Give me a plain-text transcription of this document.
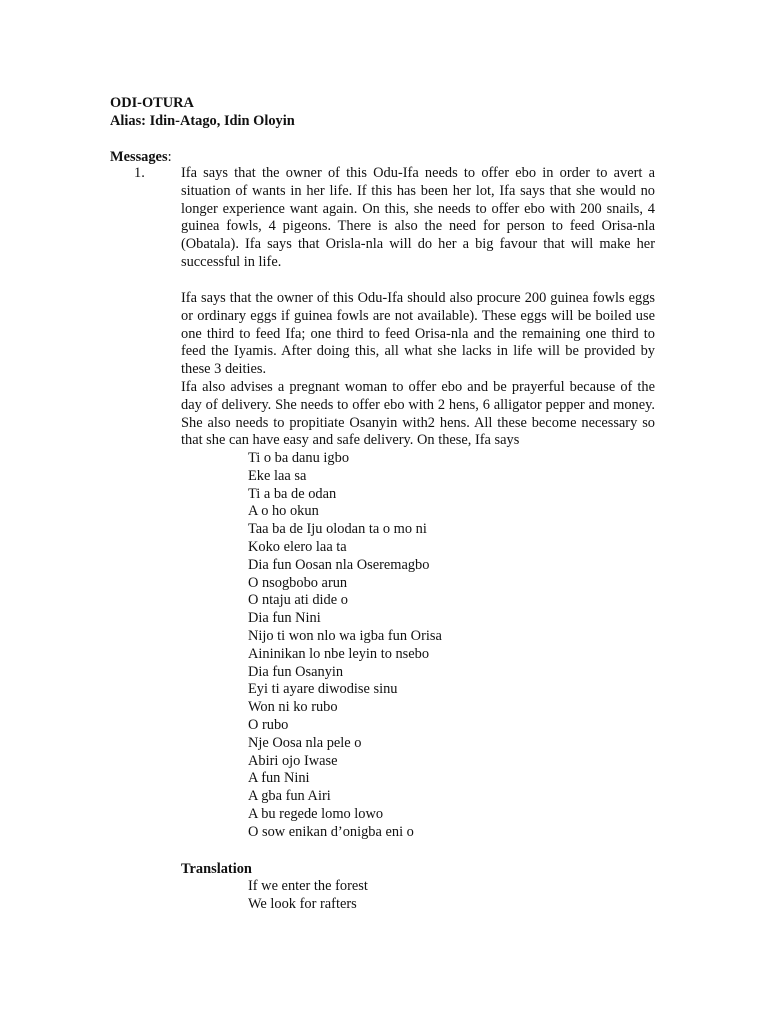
ODI-OTURA
Alias: Idin-Atago, Idin Oloyin
Messages:
1.	Ifa says that the owner of this Odu-Ifa needs to offer ebo in order to avert a situation of wants in her life. If this has been her lot, Ifa says that she would no longer experience want again. On this, she needs to offer ebo with 200 snails, 4 guinea fowls, 4 pigeons. There is also the need for person to feed Orisa-nla (Obatala). Ifa says that Orisla-nla will do her a big favour that will make her successful in life.

Ifa says that the owner of this Odu-Ifa should also procure 200 guinea fowls eggs or ordinary eggs if guinea fowls are not available). These eggs will be boiled use one third to feed Ifa; one third to feed Orisa-nla and the remaining one third to feed the Iyamis. After doing this, all what she lacks in life will be provided by these 3 deities.

Ifa also advises a pregnant woman to offer ebo and be prayerful because of the day of delivery. She needs to offer ebo with 2 hens, 6 alligator pepper and money. She also needs to propitiate Osanyin with2 hens. All these become necessary so that she can have easy and safe delivery. On these, Ifa says

Ti o ba danu igbo
Eke laa sa
Ti a ba de odan
A o ho okun
Taa ba de Iju olodan ta o mo ni
Koko elero laa ta
Dia fun Oosan nla Oseremagbo
O nsogbobo arun
O ntaju ati dide o
Dia fun Nini
Nijo ti won nlo wa igba fun Orisa
Aininikan lo nbe leyin to nsebo
Dia fun Osanyin
Eyi ti ayare diwodise sinu
Won ni ko rubo
O rubo
Nje Oosa nla pele o
Abiri ojo Iwase
A fun Nini
A gba fun Airi
A bu regede lomo lowo
O sow enikan d’onigba eni o
Translation
If we enter the forest
We look for rafters
